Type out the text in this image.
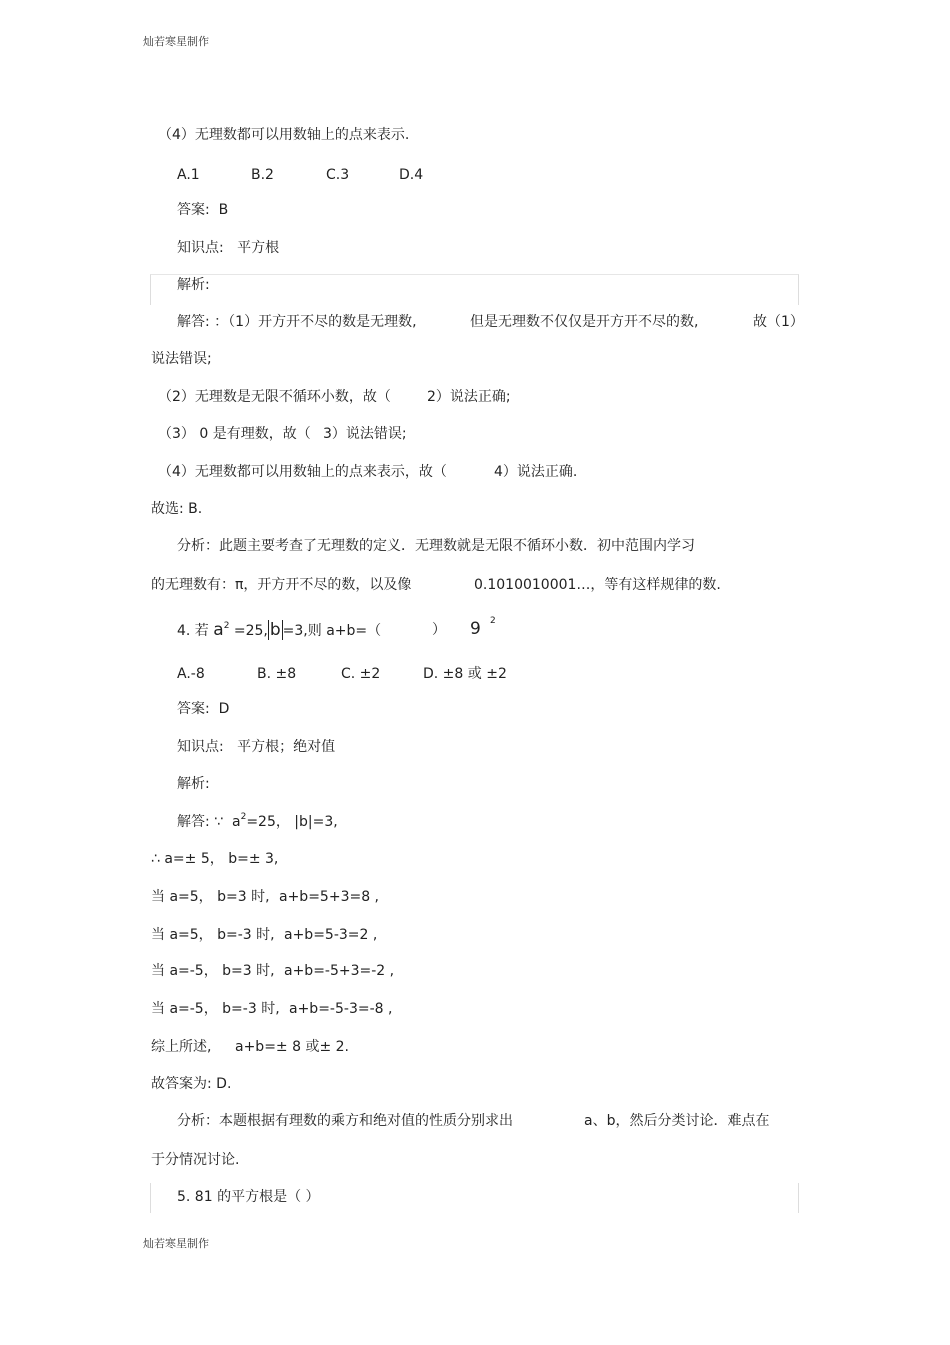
灿若寒星制作
灿若寒星制作
（4）无理数都可以用数轴上的点来表示.
A.1	B.2	C.3	D.4
答案: B
知识点: 平方根
解析:
解答: ：（1）开方开不尽的数是无理数,	但是无理数不仅仅是开方开不尽的数,	故（1）
说法错误;
（2）无理数是无限不循环小数，故（	2）说法正确;
（3） 0 是有理数，故（ 3）说法错误;
（4）无理数都可以用数轴上的点来表示，故（	4）说法正确.
故选: B.
分析：此题主要考查了无理数的定义．无理数就是无限不循环小数．初中范围内学习
的无理数有：π，开方开不尽的数，以及像	0.1010010001…，等有这样规律的数.
4. 若 $a^2 =25$, b =3,则 a+b=（	） 9 2
A.-8	B. ±8	C. ±2	D. ±8 或 ±2
答案: D
知识点: 平方根；绝对值
解析:
解答: ∵ $a^2=25$， |b|=3,
∴ a=± 5， b=± 3,
当 a=5， b=3 时, a+b=5+3=8 ,
当 a=5， b=-3 时, a+b=5-3=2 ,
当 a=-5， b=3 时, a+b=-5+3=-2 ,
当 a=-5， b=-3 时, a+b=-5-3=-8 ,
综上所述, a+b=± 8 或± 2.
故答案为: D.
分析：本题根据有理数的乘方和绝对值的性质分别求出	a、b，然后分类讨论．难点在
于分情况讨论.
5. 81 的平方根是（ ）
